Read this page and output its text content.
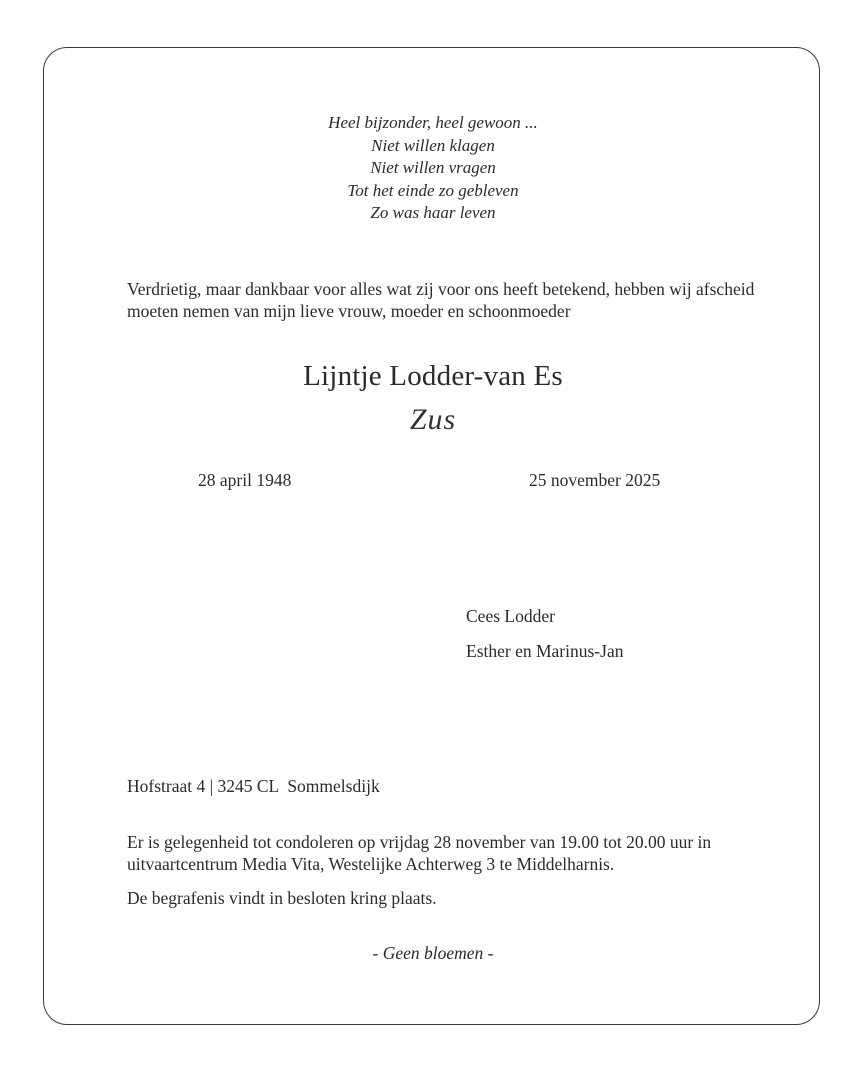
Heel bijzonder, heel gewoon ...
Niet willen klagen
Niet willen vragen
Tot het einde zo gebleven
Zo was haar leven
Verdrietig, maar dankbaar voor alles wat zij voor ons heeft betekend, hebben wij afscheid moeten nemen van mijn lieve vrouw, moeder en schoonmoeder
Lijntje Lodder-van Es
Zus
28 april 1948	25 november 2025
Cees Lodder
Esther en Marinus-Jan
Hofstraat 4 | 3245 CL  Sommelsdijk
Er is gelegenheid tot condoleren op vrijdag 28 november van 19.00 tot 20.00 uur in uitvaartcentrum Media Vita, Westelijke Achterweg 3 te Middelharnis.
De begrafenis vindt in besloten kring plaats.
- Geen bloemen -
